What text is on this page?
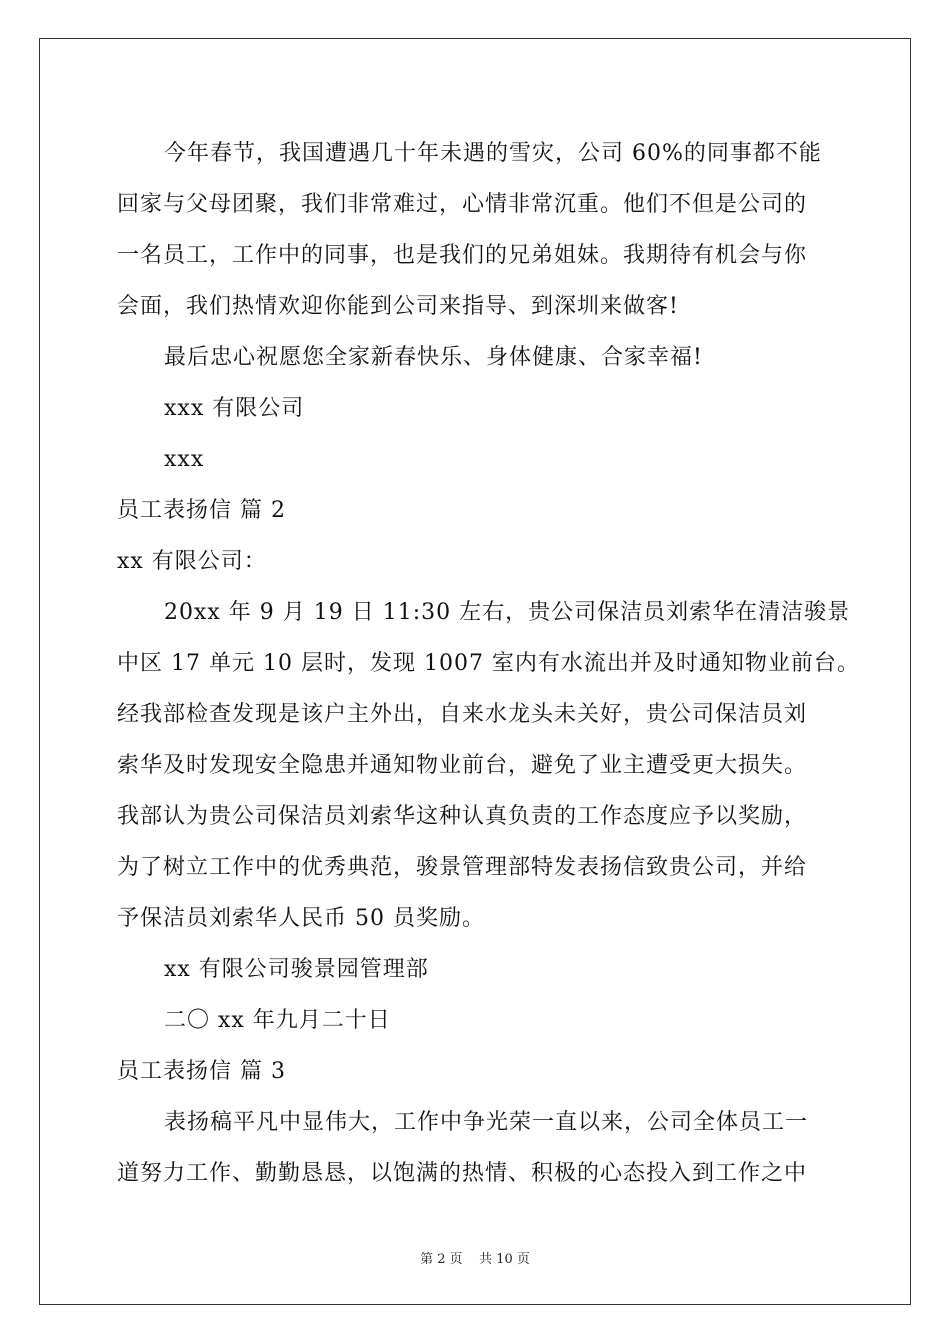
今年春节，我国遭遇几十年未遇的雪灾，公司 60%的同事都不能
回家与父母团聚，我们非常难过，心情非常沉重。他们不但是公司的
一名员工，工作中的同事，也是我们的兄弟姐妹。我期待有机会与你
会面，我们热情欢迎你能到公司来指导、到深圳来做客!
最后忠心祝愿您全家新春快乐、身体健康、合家幸福!
xxx 有限公司
xxx
员工表扬信 篇 2
xx 有限公司：
20xx 年 9 月 19 日 11:30 左右，贵公司保洁员刘索华在清洁骏景
中区 17 单元 10 层时，发现 1007 室内有水流出并及时通知物业前台。
经我部检查发现是该户主外出，自来水龙头未关好，贵公司保洁员刘
索华及时发现安全隐患并通知物业前台，避免了业主遭受更大损失。
我部认为贵公司保洁员刘索华这种认真负责的工作态度应予以奖励，
为了树立工作中的优秀典范，骏景管理部特发表扬信致贵公司，并给
予保洁员刘索华人民币 50 员奖励。
xx 有限公司骏景园管理部
二〇 xx 年九月二十日
员工表扬信 篇 3
表扬稿平凡中显伟大，工作中争光荣一直以来，公司全体员工一
道努力工作、勤勤恳恳，以饱满的热情、积极的心态投入到工作之中
第 2 页    共 10 页
